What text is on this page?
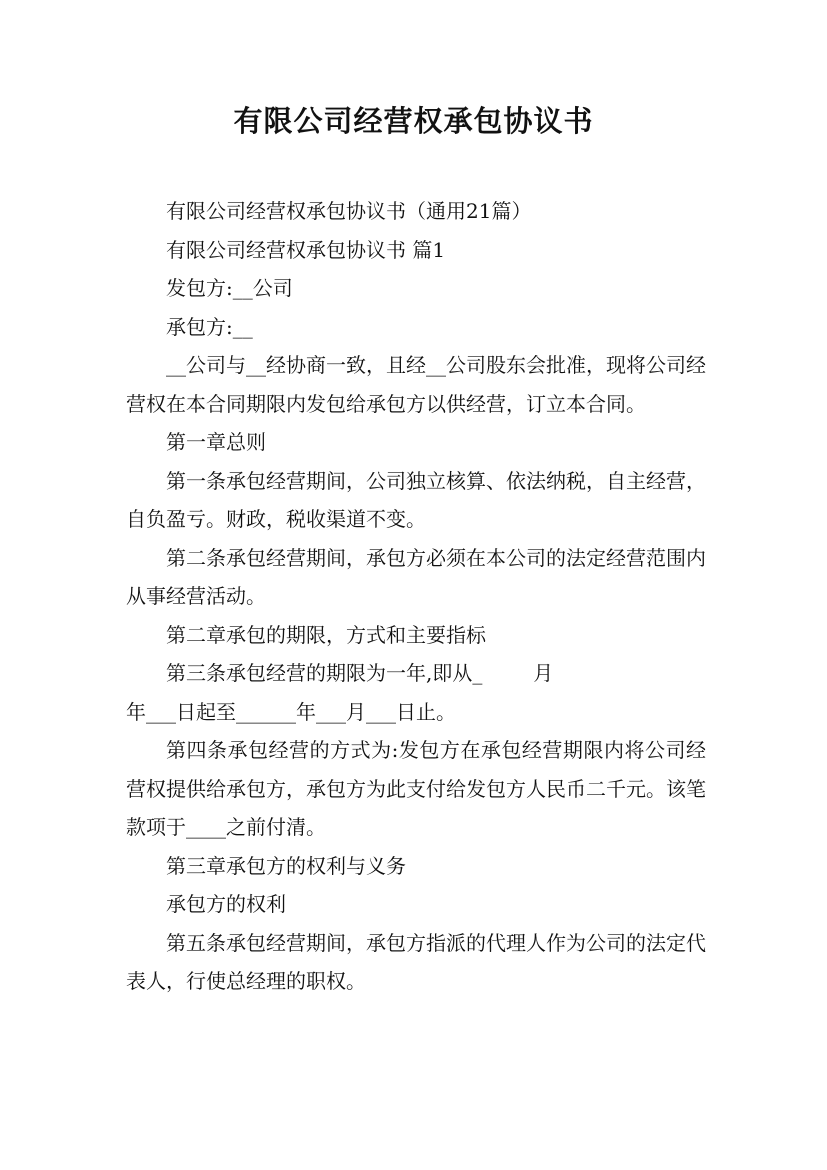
有限公司经营权承包协议书

有限公司经营权承包协议书（通用21篇）

有限公司经营权承包协议书 篇1

发包方:__公司

承包方:__

__公司与__经协商一致，且经__公司股东会批准，现将公司经营权在本合同期限内发包给承包方以供经营，订立本合同。

第一章总则

第一条承包经营期间，公司独立核算、依法纳税，自主经营，自负盈亏。财政，税收渠道不变。

第二条承包经营期间，承包方必须在本公司的法定经营范围内从事经营活动。

第二章承包的期限，方式和主要指标

第三条承包经营的期限为一年,即从_        月
年___日起至______年___月___日止。

第四条承包经营的方式为:发包方在承包经营期限内将公司经营权提供给承包方，承包方为此支付给发包方人民币二千元。该笔款项于____之前付清。

第三章承包方的权利与义务

承包方的权利

第五条承包经营期间，承包方指派的代理人作为公司的法定代表人，行使总经理的职权。
